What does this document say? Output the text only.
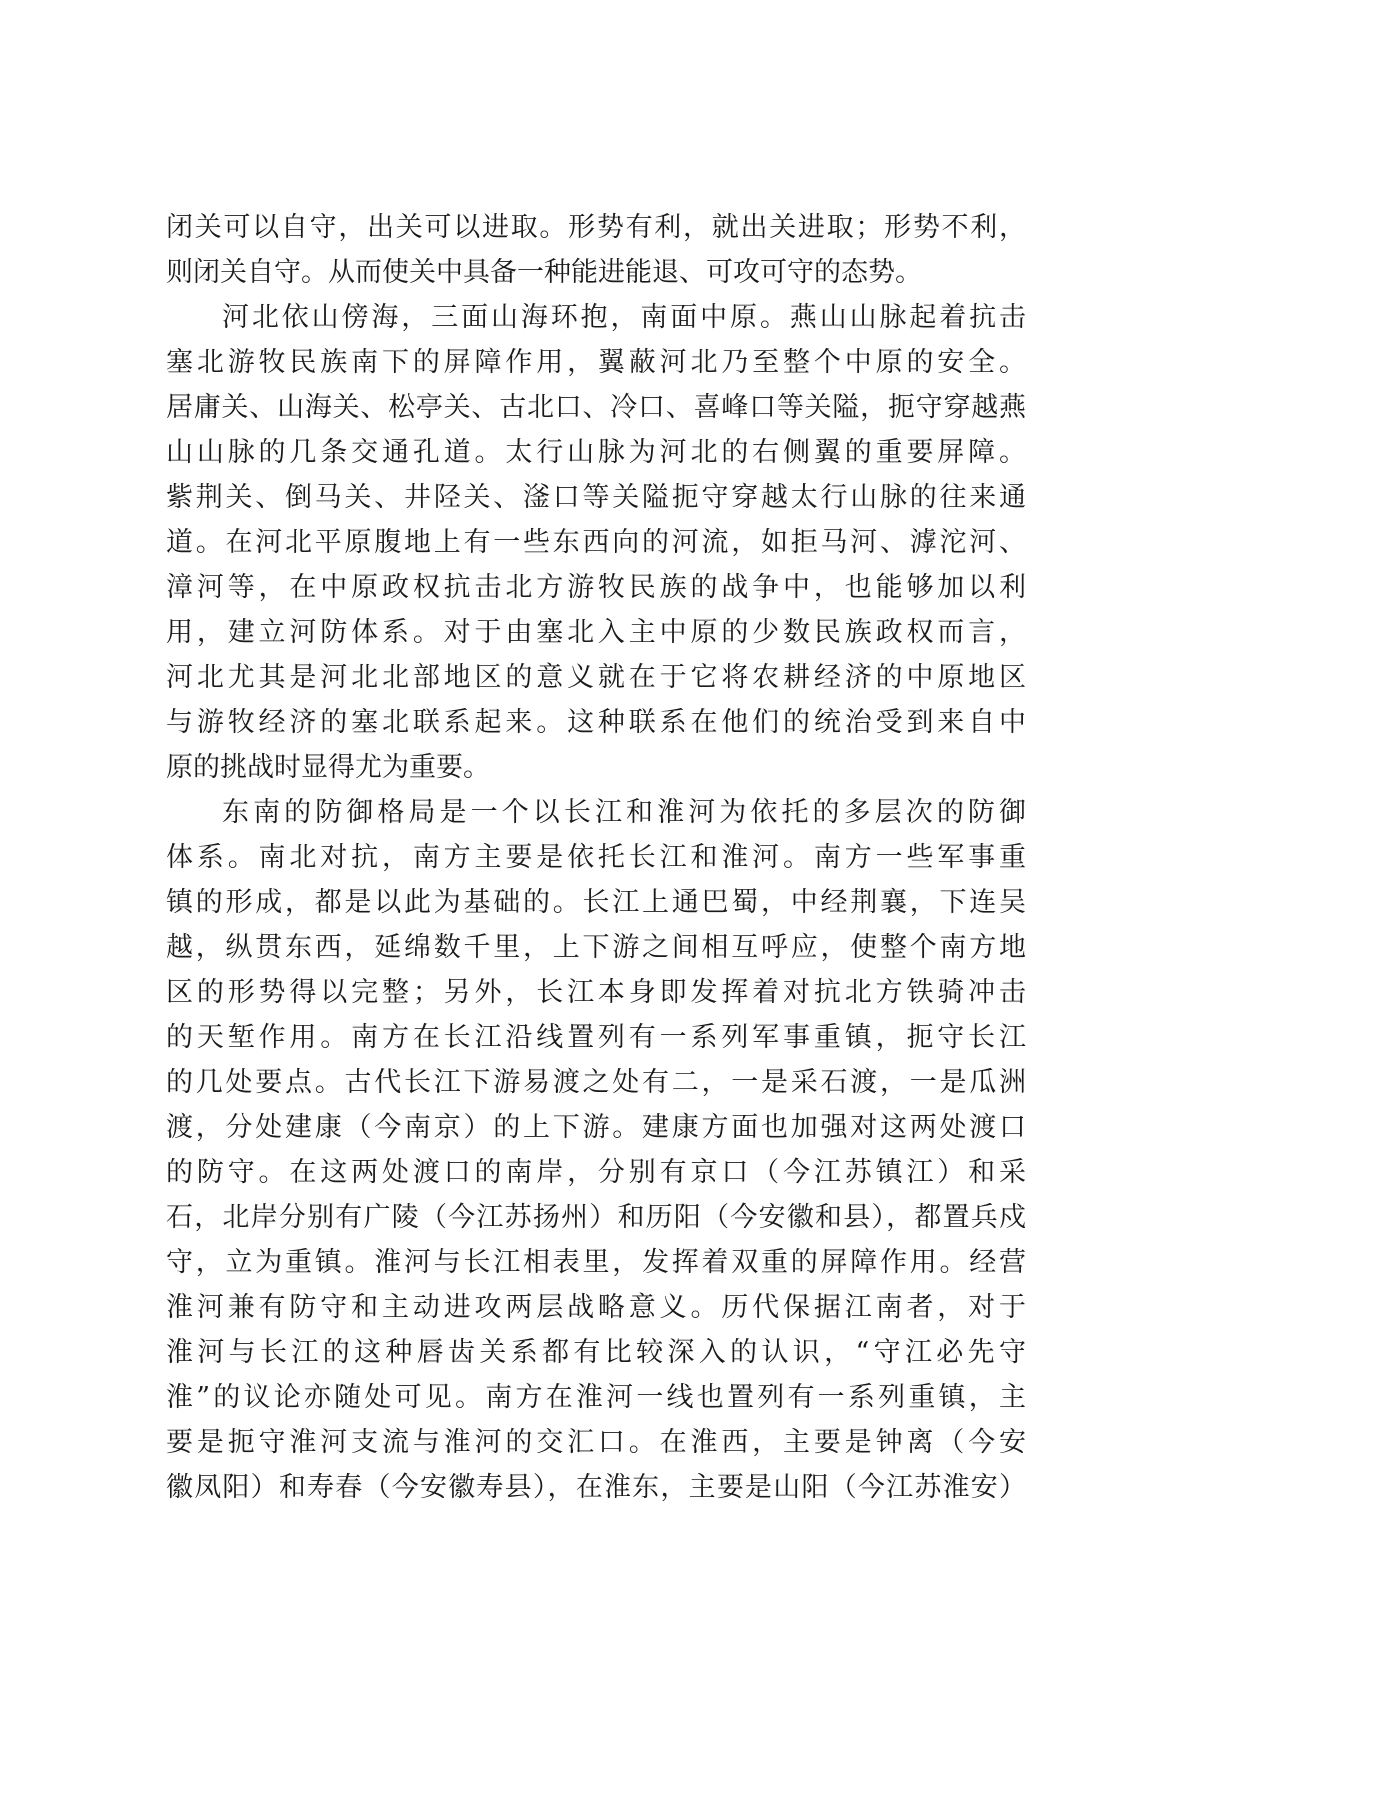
闭关可以自守，出关可以进取。形势有利，就出关进取；形势不利，
则闭关自守。从而使关中具备一种能进能退、可攻可守的态势。
河北依山傍海，三面山海环抱，南面中原。燕山山脉起着抗击
塞北游牧民族南下的屏障作用，翼蔽河北乃至整个中原的安全。
居庸关、山海关、松亭关、古北口、冷口、喜峰口等关隘，扼守穿越燕
山山脉的几条交通孔道。太行山脉为河北的右侧翼的重要屏障。
紫荆关、倒马关、井陉关、滏口等关隘扼守穿越太行山脉的往来通
道。在河北平原腹地上有一些东西向的河流，如拒马河、滹沱河、
漳河等，在中原政权抗击北方游牧民族的战争中，也能够加以利
用，建立河防体系。对于由塞北入主中原的少数民族政权而言，
河北尤其是河北北部地区的意义就在于它将农耕经济的中原地区
与游牧经济的塞北联系起来。这种联系在他们的统治受到来自中
原的挑战时显得尤为重要。
东南的防御格局是一个以长江和淮河为依托的多层次的防御
体系。南北对抗，南方主要是依托长江和淮河。南方一些军事重
镇的形成，都是以此为基础的。长江上通巴蜀，中经荆襄，下连吴
越，纵贯东西，延绵数千里，上下游之间相互呼应，使整个南方地
区的形势得以完整；另外，长江本身即发挥着对抗北方铁骑冲击
的天堑作用。南方在长江沿线置列有一系列军事重镇，扼守长江
的几处要点。古代长江下游易渡之处有二，一是采石渡，一是瓜洲
渡，分处建康（今南京）的上下游。建康方面也加强对这两处渡口
的防守。在这两处渡口的南岸，分别有京口（今江苏镇江）和采
石，北岸分别有广陵（今江苏扬州）和历阳（今安徽和县），都置兵戍
守，立为重镇。淮河与长江相表里，发挥着双重的屏障作用。经营
淮河兼有防守和主动进攻两层战略意义。历代保据江南者，对于
淮河与长江的这种唇齿关系都有比较深入的认识，“守江必先守
淮”的议论亦随处可见。南方在淮河一线也置列有一系列重镇，主
要是扼守淮河支流与淮河的交汇口。在淮西，主要是钟离（今安
徽凤阳）和寿春（今安徽寿县），在淮东，主要是山阳（今江苏淮安）
